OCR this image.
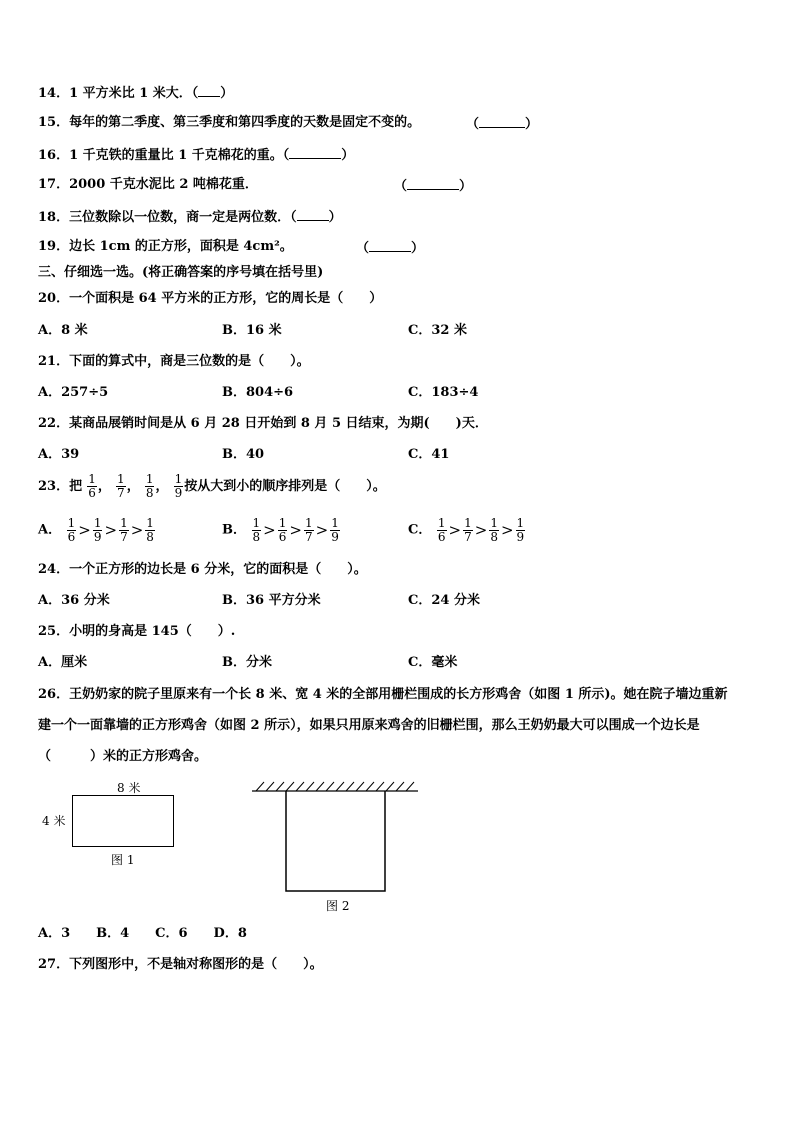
14．1 平方米比 1 米大．（ ）
15．每年的第二季度、第三季度和第四季度的天数是固定不变的。	（	）
16．1 千克铁的重量比 1 千克棉花的重。（	）
17．2000 千克水泥比 2 吨棉花重．	（	）
18．三位数除以一位数，商一定是两位数．（ ）
19．边长 1cm 的正方形，面积是 4cm²。	（	）
三、仔细选一选。(将正确答案的序号填在括号里)
20．一个面积是 64 平方米的正方形，它的周长是（　　）
A．8 米	B．16 米	C．32 米
21．下面的算式中，商是三位数的是（　　）。
A．257÷5	B．804÷6	C．183÷4
22．某商品展销时间是从 6 月 28 日开始到 8 月 5 日结束，为期(　　)天．
A．39	B．40	C．41
23．把 $\frac{1}{6}$ ， $\frac{1}{7}$ ， $\frac{1}{8}$ ， $\frac{1}{9}$ 按从大到小的顺序排列是（　　）。
A． $\frac{1}{6} > \frac{1}{9} > \frac{1}{7} > \frac{1}{8}$	B． $\frac{1}{8} > \frac{1}{6} > \frac{1}{7} > \frac{1}{9}$	C． $\frac{1}{6} > \frac{1}{7} > \frac{1}{8} > \frac{1}{9}$
24．一个正方形的边长是 6 分米，它的面积是（　　）。
A．36 分米	B．36 平方分米	C．24 分米
25．小明的身高是 145（　　）.
A．厘米	B．分米	C．毫米
26．王奶奶家的院子里原来有一个长 8 米、宽 4 米的全部用栅栏围成的长方形鸡舍（如图 1 所示)。她在院子墙边重新
建一个一面靠墙的正方形鸡舍（如图 2 所示），如果只用原来鸡舍的旧栅栏围，那么王奶奶最大可以围成一个边长是
（　　　）米的正方形鸡舍。
8 米
4 米
图 1
图 2
A．3　　B．4　　C．6　　D．8
27．下列图形中，不是轴对称图形的是（　　）。
